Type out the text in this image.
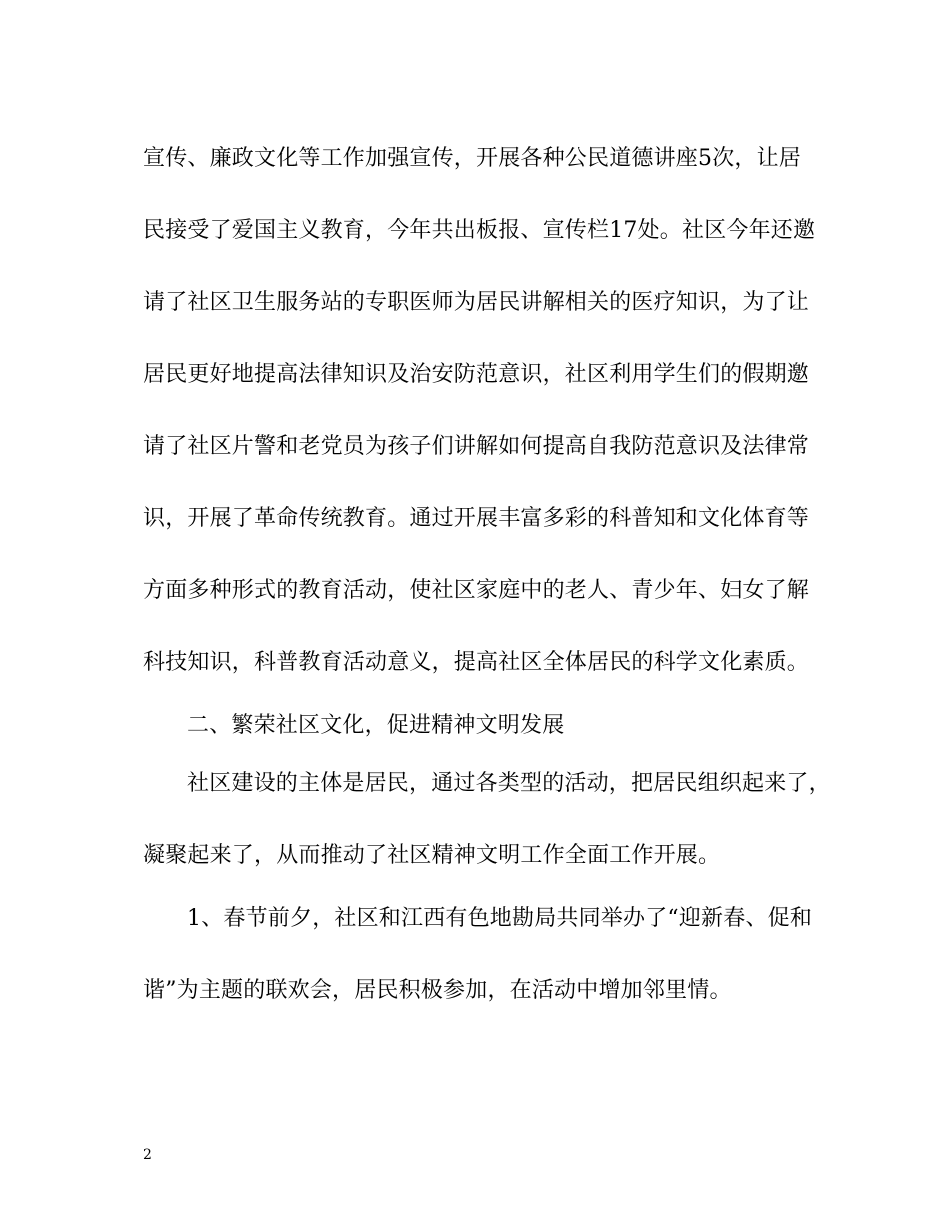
宣传、廉政文化等工作加强宣传，开展各种公民道德讲座5次，让居
民接受了爱国主义教育，今年共出板报、宣传栏17处。社区今年还邀
请了社区卫生服务站的专职医师为居民讲解相关的医疗知识，为了让
居民更好地提高法律知识及治安防范意识，社区利用学生们的假期邀
请了社区片警和老党员为孩子们讲解如何提高自我防范意识及法律常
识，开展了革命传统教育。通过开展丰富多彩的科普知和文化体育等
方面多种形式的教育活动，使社区家庭中的老人、青少年、妇女了解
科技知识，科普教育活动意义，提高社区全体居民的科学文化素质。
二、繁荣社区文化，促进精神文明发展
社区建设的主体是居民，通过各类型的活动，把居民组织起来了，
凝聚起来了，从而推动了社区精神文明工作全面工作开展。
1、春节前夕，社区和江西有色地勘局共同举办了“迎新春、促和
谐”为主题的联欢会，居民积极参加，在活动中增加邻里情。
2
